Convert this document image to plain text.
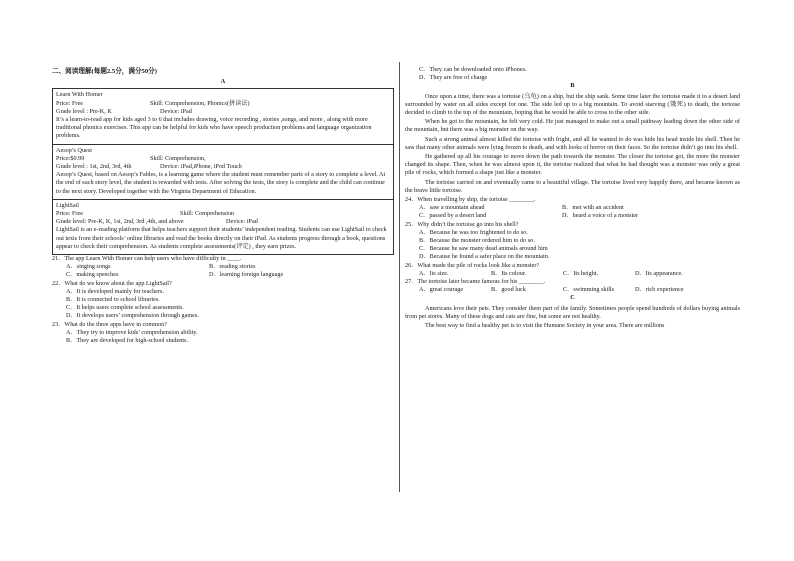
二、阅读理解(每题2.5分，满分50分)

A

Learn With Homer

Price: Free	Skill: Comprehension, Phonics(拼读法)
Grade level : Pre-K, K	Device: iPad

It’s a learn-to-read app for kids aged 3 to 6 that includes drawing, voice recording , stories ,songs, and more , along with more traditional phonics exercises. This app can be helpful for kids who have speech production problems and language organization problems.

Aesop’s Quest

Price:$0.99	Skill: Comprehension,
Grade level : 1st, 2nd, 3rd, 4th	Device: iPad,iPhone, iPod Touch

Aesop’s Quest, based on Aesop’s Fables, is a learning game where the student must remember parts of a story to complete a level. At the end of each story level, the student is rewarded with tests. After solving the tests, the story is complete and the child can continue to the next story. Developed together with the Virginia Department of Education.

LightSail

Price: Free	Skill: Comprehension
Grade level: Pre-K, K, 1st, 2nd, 3rd ,4th, and above	Device: iPad

LightSail is an e-reading platform that helps teachers support their students’ independent reading. Students can use LightSail to check out texts from their schools’ online libraries and read the books directly on their iPad. As students progress through a book, questions appear to check their comprehension. As students complete assessments(评定) , they earn prizes.

21．The app Learn With Homer can help users who have difficulty in ____.

A．singing songs	B．reading stories
C．making speeches	D．learning foreign language

22．What do we know about the app LightSail?

A．It is developed mainly for teachers.

B．It is connected to school libraries.

C．It helps users complete school assessments.

D．It develops users’ comprehension through games.

23．What do the three apps have in common?

A．They try to improve kids’ comprehension ability.

B．They are developed for high-school students.

C．They can be downloaded onto iPhones.

D．They are free of charge

B

Once upon a time, there was a tortoise (乌龟) on a ship, but the ship sank. Some time later the tortoise made it to a desert land surrounded by water on all sides except for one. The side led up to a big mountain. To avoid starving (饿死) to death, the tortoise decided to climb to the top of the mountain, hoping that he would be able to cross to the other side.

When he got to the mountain, he felt very cold. He just managed to make out a small pathway leading down the other side of the mountain, but there was a big monster on the way.

Such a strong animal almost killed the tortoise with fright, and all he wanted to do was hide his head inside his shell. Then he saw that many other animals were lying frozen to death, and with looks of horror on their faces. So the tortoise didn’t go into his shell.

He gathered up all his courage to move down the path towards the monster. The closer the tortoise got, the more the monster changed its shape. Then, when he was almost upon it, the tortoise realized that what he had thought was a monster was only a great pile of rocks, which formed a shape just like a monster.

The tortoise carried on and eventually came to a beautiful village. The tortoise lived very happily there, and became known as the brave little tortoise.

24．When travelling by ship, the tortoise ________.

A．saw a mountain ahead	B．met with an accident
C．passed by a desert land	D．heard a voice of a monster

25．Why didn’t the tortoise go into his shell?

A．Because he was too frightened to do so.

B．Because the monster ordered him to do so.

C．Because he saw many dead animals around him

D．Because he found a safer place on the mountain.

26．What made the pile of rocks look like a monster?

A．Its size.	B．Its colour.	C．Its height.	D．Its appearance.

27．The tortoise later became famous for his ________.

A．great courage	B．good luck	C．swimming skills	D．rich experience

C

Americans love their pets. They consider them part of the family. Sometimes people spend hundreds of dollars buying animals from pet stores. Many of these dogs and cats are fine, but some are not healthy.

The best way to find a healthy pet is to visit the Humane Society in your area. There are millions
